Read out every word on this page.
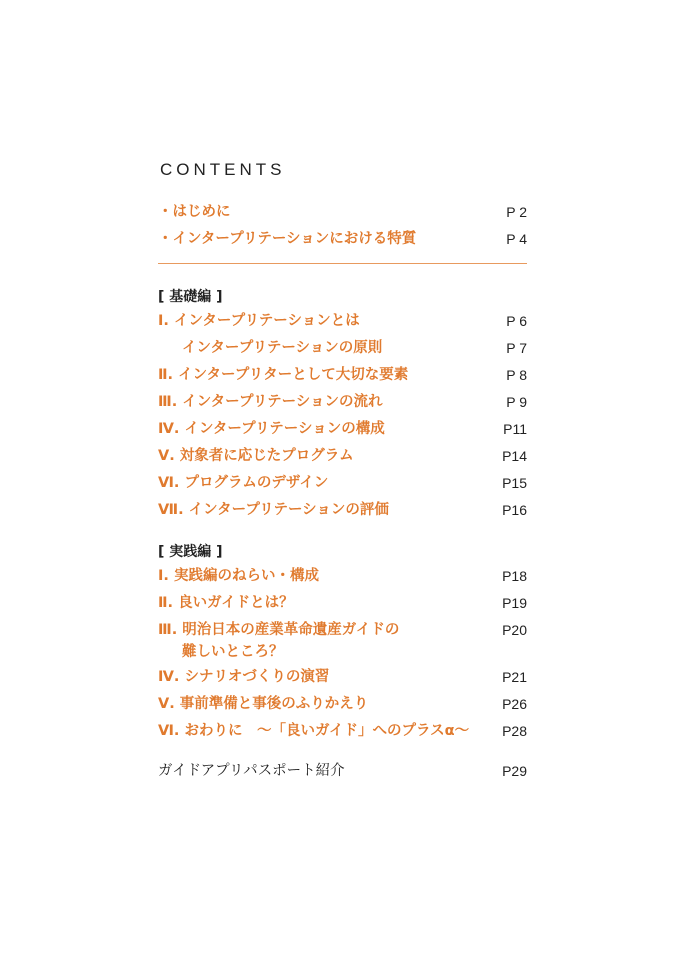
CONTENTS
・はじめに	P 2
・インタープリテーションにおける特質	P 4
[ 基礎編 ]
Ⅰ. インタープリテーションとは	P 6
インタープリテーションの原則	P 7
Ⅱ. インタープリターとして大切な要素	P 8
Ⅲ. インタープリテーションの流れ	P 9
Ⅳ. インタープリテーションの構成	P11
Ⅴ. 対象者に応じたプログラム	P14
Ⅵ. プログラムのデザイン	P15
Ⅶ. インタープリテーションの評価	P16
[ 実践編 ]
Ⅰ. 実践編のねらい・構成	P18
Ⅱ. 良いガイドとは？	P19
Ⅲ. 明治日本の産業革命遺産ガイドの
難しいところ？
P20
Ⅳ. シナリオづくりの演習	P21
Ⅴ. 事前準備と事後のふりかえり	P26
Ⅵ. おわりに　～「良いガイド」へのプラスα～ P28
ガイドアプリパスポート紹介	P29
